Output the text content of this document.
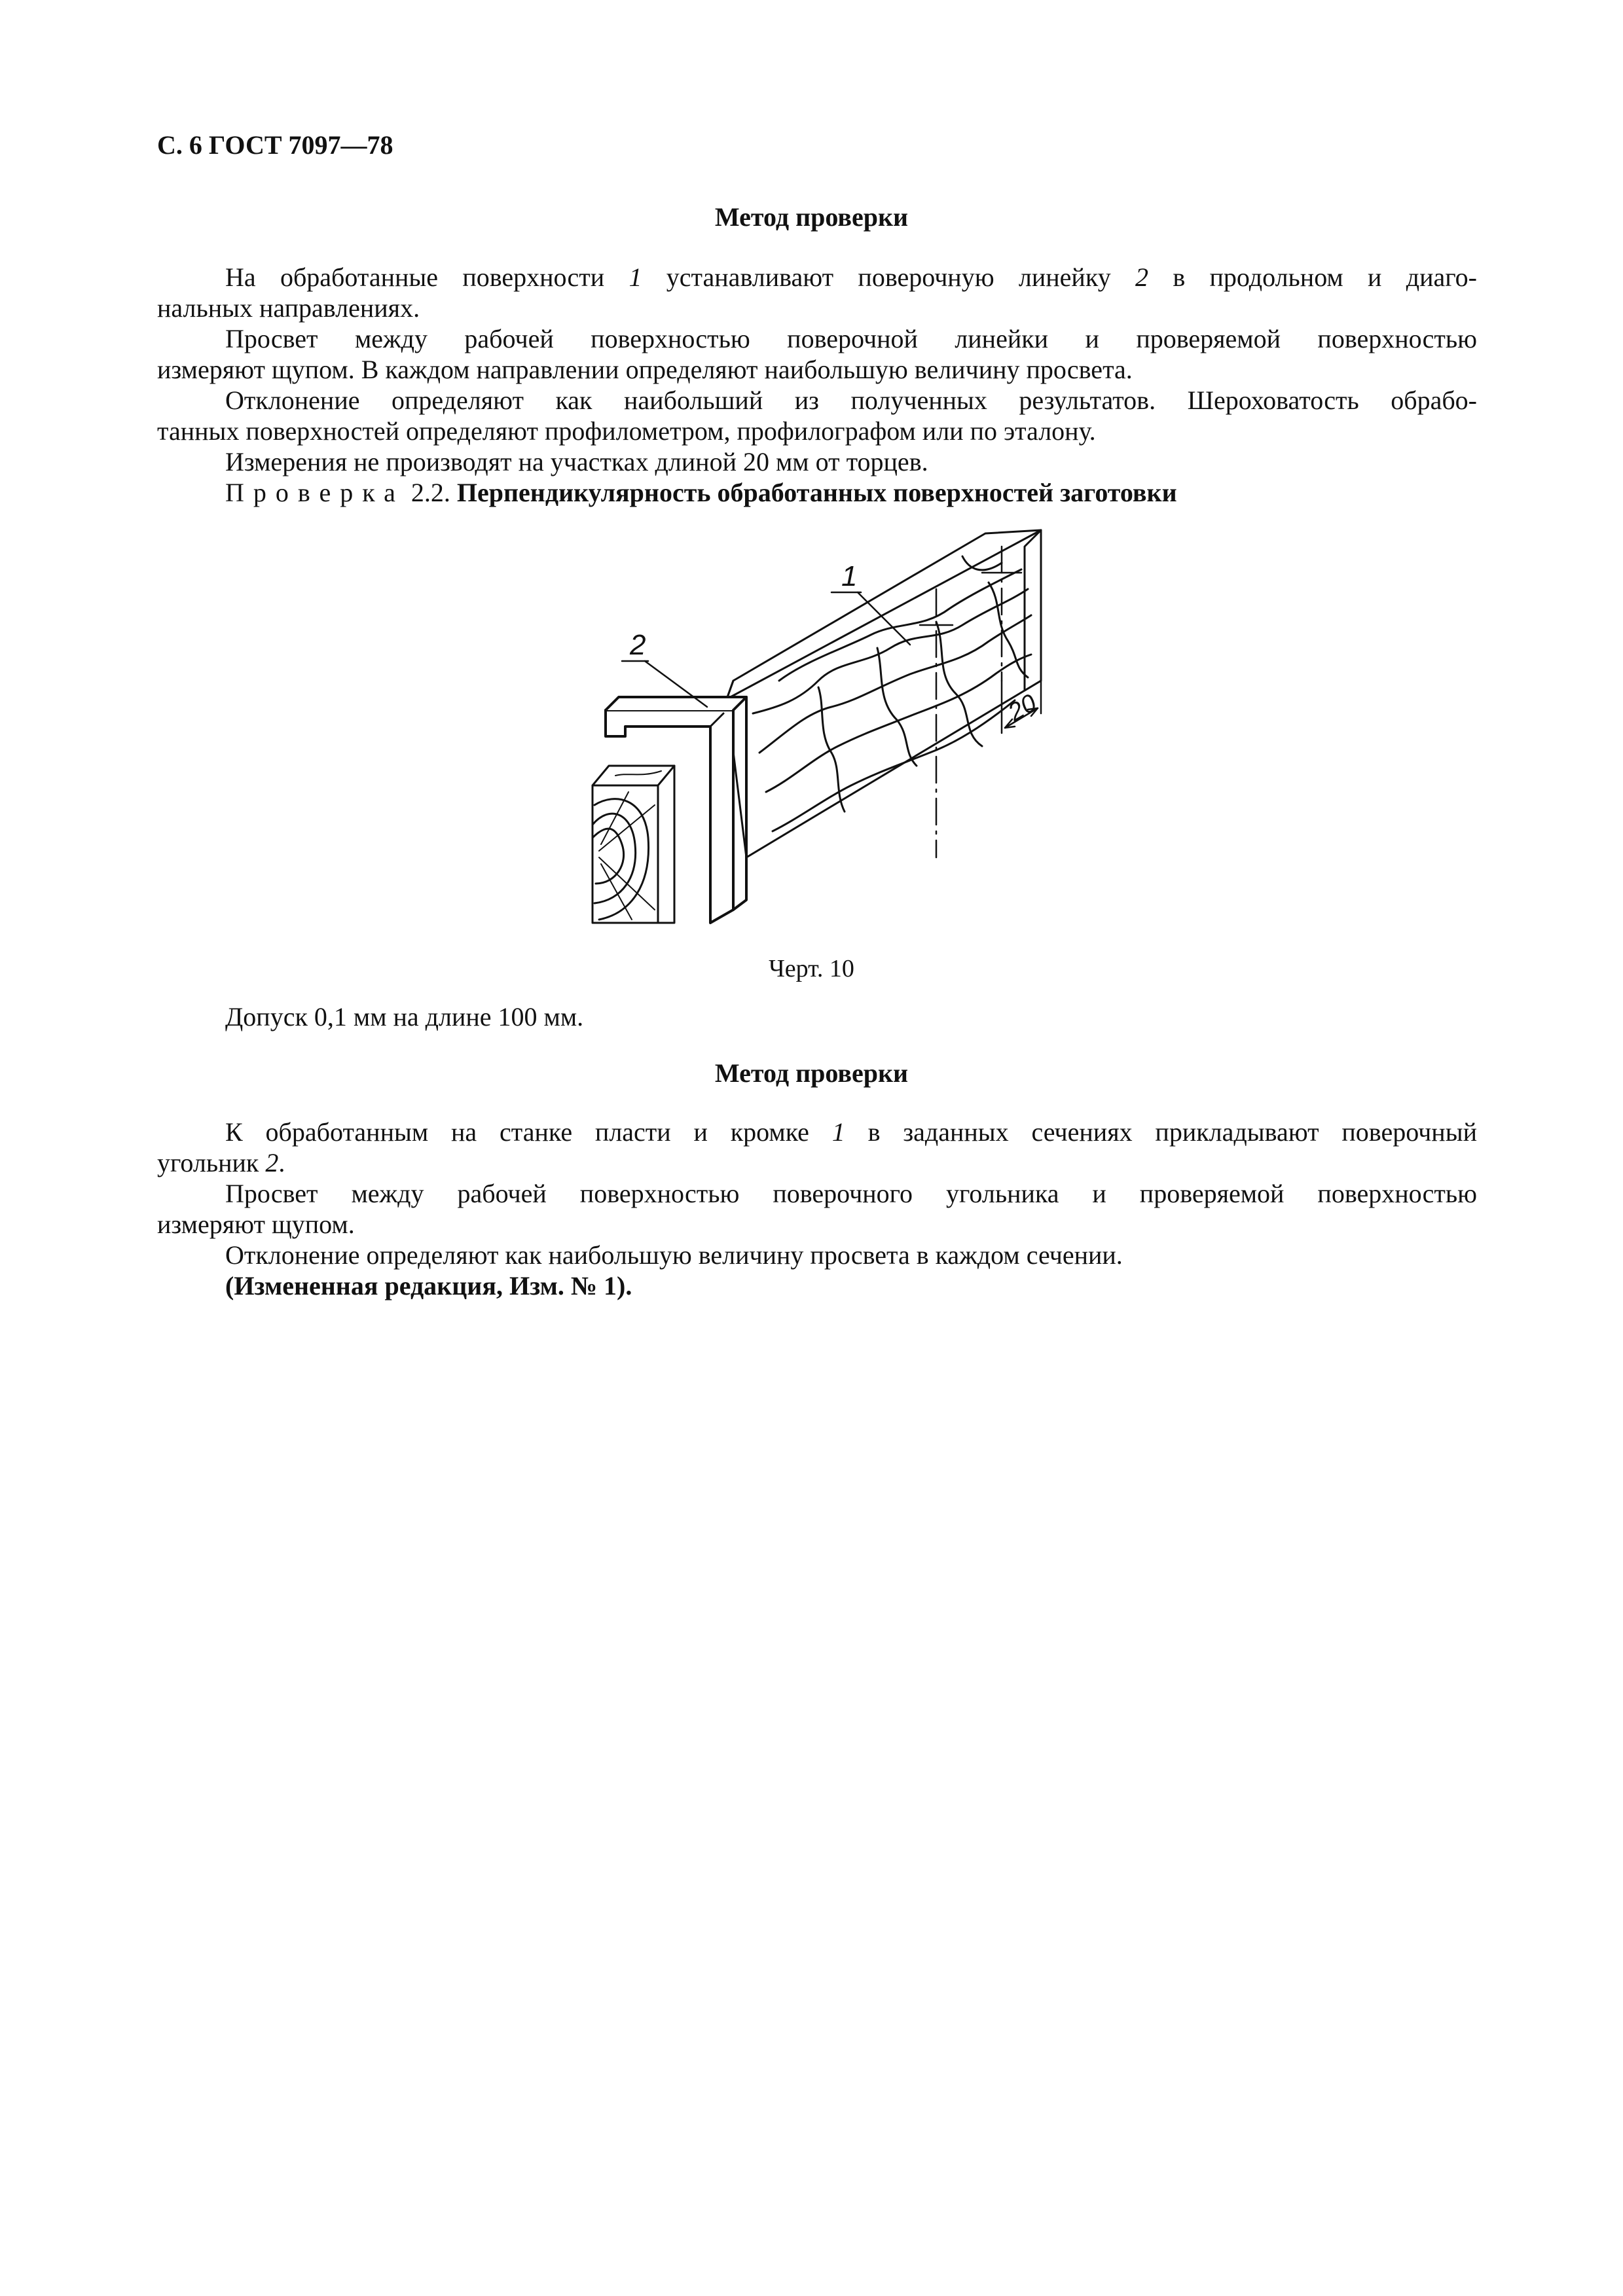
С. 6 ГОСТ 7097—78
Метод проверки
На обработанные поверхности 1 устанавливают поверочную линейку 2 в продольном и диаго-
нальных направлениях.
Просвет между рабочей поверхностью поверочной линейки и проверяемой поверхностью
измеряют щупом. В каждом направлении определяют наибольшую величину просвета.
Отклонение определяют как наибольший из полученных результатов. Шероховатость обрабо-
танных поверхностей определяют профилометром, профилографом или по эталону.
Измерения не производят на участках длиной 20 мм от торцев.
Проверка 2.2. Перпендикулярность обработанных поверхностей заготовки
2
1
20
Черт. 10
Допуск 0,1 мм на длине 100 мм.
Метод проверки
К обработанным на станке пласти и кромке 1 в заданных сечениях прикладывают поверочный
угольник 2.
Просвет между рабочей поверхностью поверочного угольника и проверяемой поверхностью
измеряют щупом.
Отклонение определяют как наибольшую величину просвета в каждом сечении.
(Измененная редакция, Изм. № 1).
